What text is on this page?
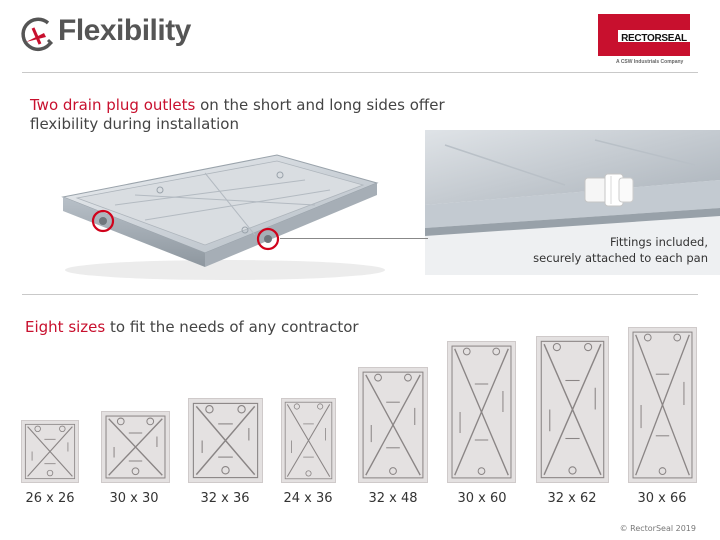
Flexibility	RECTORSEAL
A CSW Industrials Company
Two drain plug outlets on the short and long sides offer
flexibility during installation
Fittings included,
securely attached to each pan
Eight sizes to fit the needs of any contractor
26 x 26	30 x 30	32 x 36	24 x 36	32 x 48	30 x 60	32 x 62	30 x 66
© RectorSeal 2019
